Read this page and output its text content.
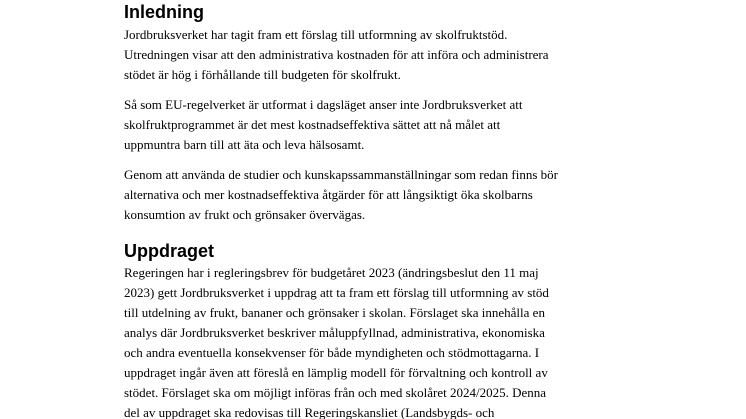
Inledning

Jordbruksverket har tagit fram ett förslag till utformning av skolfruktstöd.
Utredningen visar att den administrativa kostnaden för att införa och administrera
stödet är hög i förhållande till budgeten för skolfrukt.

Så som EU-regelverket är utformat i dagsläget anser inte Jordbruksverket att
skolfruktprogrammet är det mest kostnadseffektiva sättet att nå målet att
uppmuntra barn till att äta och leva hälsosamt.

Genom att använda de studier och kunskapssammanställningar som redan finns bör
alternativa och mer kostnadseffektiva åtgärder för att långsiktigt öka skolbarns
konsumtion av frukt och grönsaker övervägas.

Uppdraget

Regeringen har i regleringsbrev för budgetåret 2023 (ändringsbeslut den 11 maj
2023) gett Jordbruksverket i uppdrag att ta fram ett förslag till utformning av stöd
till utdelning av frukt, bananer och grönsaker i skolan. Förslaget ska innehålla en
analys där Jordbruksverket beskriver måluppfyllnad, administrativa, ekonomiska
och andra eventuella konsekvenser för både myndigheten och stödmottagarna. I
uppdraget ingår även att föreslå en lämplig modell för förvaltning och kontroll av
stödet. Förslaget ska om möjligt införas från och med skolåret 2024/2025. Denna
del av uppdraget ska redovisas till Regeringskansliet (Landsbygds- och
